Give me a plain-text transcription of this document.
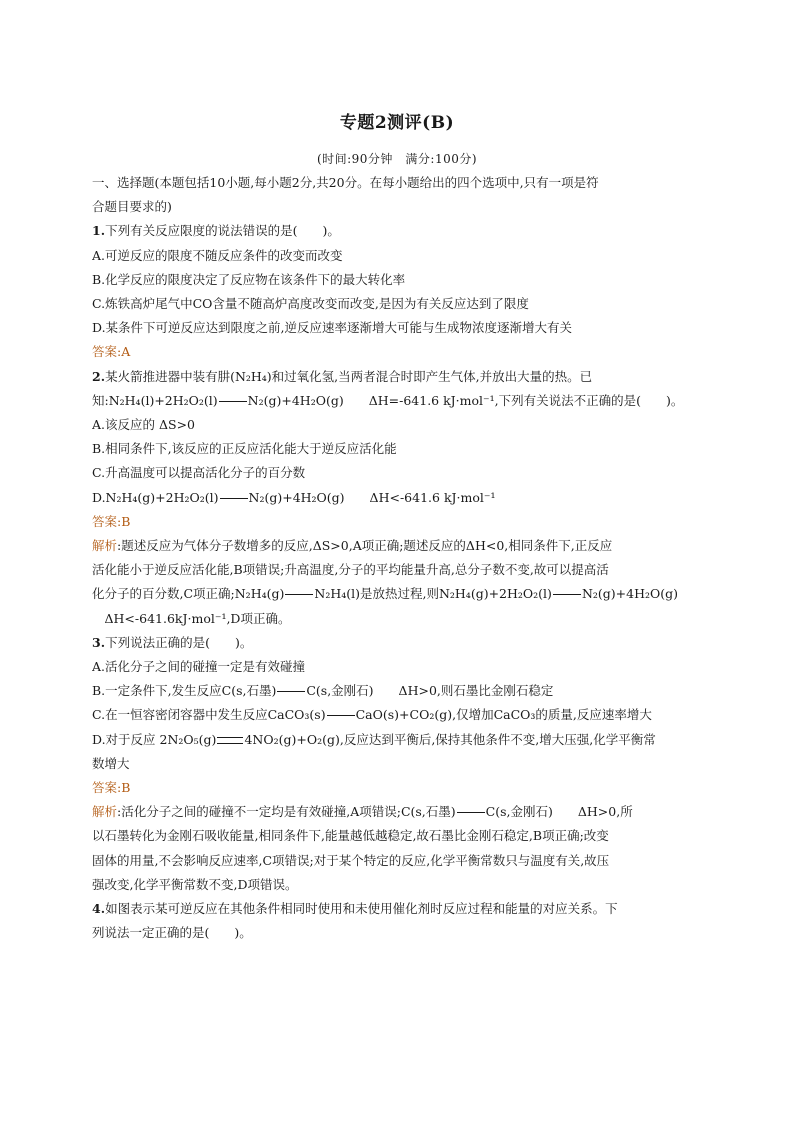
专题2测评(B)
(时间:90分钟　满分:100分)
一、选择题(本题包括10小题,每小题2分,共20分。在每小题给出的四个选项中,只有一项是符
合题目要求的)
1.下列有关反应限度的说法错误的是(　　)。
A.可逆反应的限度不随反应条件的改变而改变
B.化学反应的限度决定了反应物在该条件下的最大转化率
C.炼铁高炉尾气中CO含量不随高炉高度改变而改变,是因为有关反应达到了限度
D.某条件下可逆反应达到限度之前,逆反应速率逐渐增大可能与生成物浓度逐渐增大有关
答案:A
2.某火箭推进器中装有肼(N₂H₄)和过氧化氢,当两者混合时即产生气体,并放出大量的热。已
知:N₂H₄(l)+2H₂O₂(l) N₂(g)+4H₂O(g)　　ΔH=-641.6 kJ·mol⁻¹,下列有关说法不正确的是(　　)。
A.该反应的 ΔS>0
B.相同条件下,该反应的正反应活化能大于逆反应活化能
C.升高温度可以提高活化分子的百分数
D.N₂H₄(g)+2H₂O₂(l) N₂(g)+4H₂O(g)　　ΔH<-641.6 kJ·mol⁻¹
答案:B
解析:题述反应为气体分子数增多的反应,ΔS>0,A项正确;题述反应的ΔH<0,相同条件下,正反应
活化能小于逆反应活化能,B项错误;升高温度,分子的平均能量升高,总分子数不变,故可以提高活
化分子的百分数,C项正确;N₂H₄(g) N₂H₄(l)是放热过程,则N₂H₄(g)+2H₂O₂(l) N₂(g)+4H₂O(g)
　ΔH<-641.6kJ·mol⁻¹,D项正确。
3.下列说法正确的是(　　)。
A.活化分子之间的碰撞一定是有效碰撞
B.一定条件下,发生反应C(s,石墨) C(s,金刚石)　　ΔH>0,则石墨比金刚石稳定
C.在一恒容密闭容器中发生反应CaCO₃(s) CaO(s)+CO₂(g),仅增加CaCO₃的质量,反应速率增大
D.对于反应 2N₂O₅(g) 4NO₂(g)+O₂(g),反应达到平衡后,保持其他条件不变,增大压强,化学平衡常
数增大
答案:B
解析:活化分子之间的碰撞不一定均是有效碰撞,A项错误;C(s,石墨) C(s,金刚石)　　ΔH>0,所
以石墨转化为金刚石吸收能量,相同条件下,能量越低越稳定,故石墨比金刚石稳定,B项正确;改变
固体的用量,不会影响反应速率,C项错误;对于某个特定的反应,化学平衡常数只与温度有关,故压
强改变,化学平衡常数不变,D项错误。
4.如图表示某可逆反应在其他条件相同时使用和未使用催化剂时反应过程和能量的对应关系。下
列说法一定正确的是(　　)。
